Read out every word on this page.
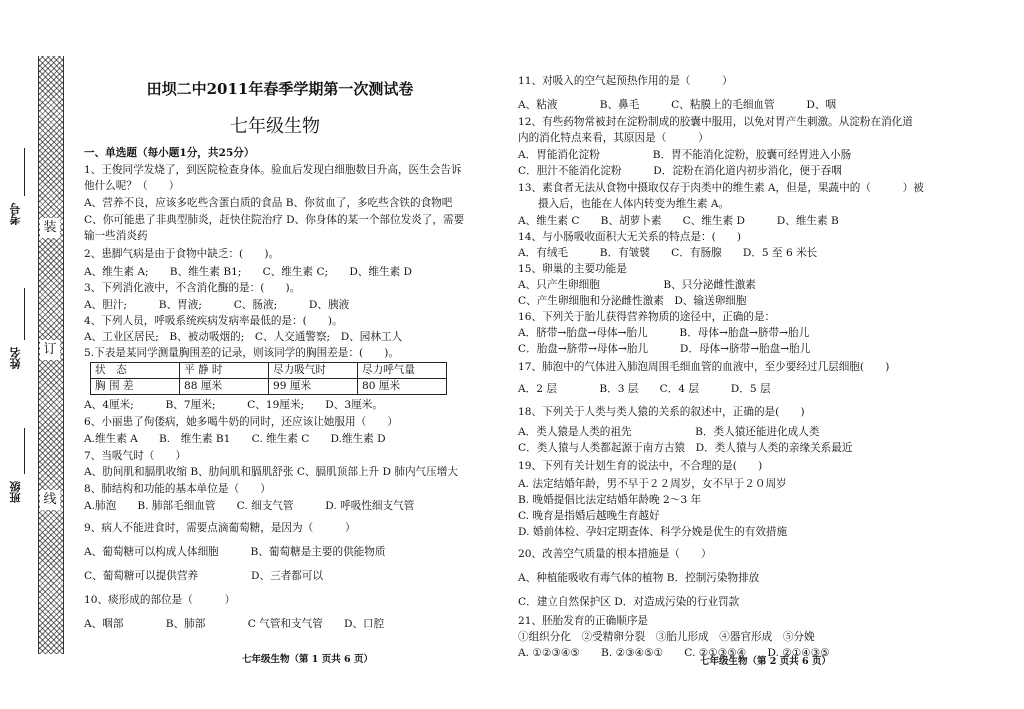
装
订
线
考号
姓名
班级
田坝二中2011年春季学期第一次测试卷
七年级生物
一、单选题（每小题1分，共25分）
1、王俊同学发烧了，到医院检查身体。验血后发现白细胞数目升高，医生会告诉
他什么呢？（　　）
A、营养不良，应该多吃些含蛋白质的食品 B、你贫血了，多吃些含铁的食物吧
C、你可能患了非典型肺炎，赶快住院治疗 D、你身体的某一个部位发炎了，需要
输一些消炎药
2、患脚气病是由于食物中缺乏：(　　)。
A、维生素 A;　　B、维生素 B1;　　C、维生素 C;　　D、维生素 D
3、下列消化液中，不含消化酶的是：(　　)。
A、胆汁;　　　B、胃液;　　　C、肠液;　　　D、胰液
4、下列人员，呼吸系统疾病发病率最低的是：(　　)。
A、工业区居民;　B、被动吸烟的;　C、人交通警察;　D、园林工人
5.下表是某同学测量胸围差的记录，则该同学的胸围差是：(　　)。
状　态	平 静 时	尽力吸气时	尽力呼气量
胸 围 差	88 厘米	99 厘米	80 厘米
A、4厘米;　　　B、7厘米;　　　C、19厘米;　　D、3厘米。
6、小丽患了佝偻病，她多喝牛奶的同时，还应该让她服用（　　）
A.维生素 A　　B.　维生素 B1　　C. 维生素 C　　D.维生素 D
7、当吸气时（　　）
A、肋间肌和膈肌收缩 B、肋间肌和膈肌舒张 C、膈肌顶部上升 D 肺内气压增大
8、肺结构和功能的基本单位是（　　）
A.肺泡　　B. 肺部毛细血管　　C. 细支气管　　　D. 呼吸性细支气管
9、病人不能进食时，需要点滴葡萄糖，是因为（　　　）
A、葡萄糖可以构成人体细胞　　　B、葡萄糖是主要的供能物质
C、葡萄糖可以提供营养　　　　　D、三者都可以
10、痰形成的部位是（　　　）
A、咽部　　　　B、肺部　　　　C 气管和支气管　　D、口腔
11、对吸入的空气起预热作用的是（　　　）
A、粘液　　　　B、鼻毛　　　C、粘膜上的毛细血管　　　D、咽
12、有些药物常被封在淀粉制成的胶囊中服用，以免对胃产生刺激。从淀粉在消化道
内的消化特点来看，其原因是（　　　）
A．胃能消化淀粉　　　　　B．胃不能消化淀粉，胶囊可经胃进入小肠
C．胆汁不能消化淀粉　　　D．淀粉在消化道内初步消化，便于吞咽
13、素食者无法从食物中摄取仅存于肉类中的维生素 A，但是，果蔬中的（　　　）被
摄入后，也能在人体内转变为维生素 A。
A、维生素 C　　B、胡萝卜素　　C、维生素 D　　　D、维生素 B
14、与小肠吸收面积大无关系的特点是：(　　)
A．有绒毛　　　B．有皱襞　　C．有肠腺　　D．5 至 6 米长
15、卵巢的主要功能是
A、只产生卵细胞　　　　　　B、只分泌雌性激素
C、产生卵细胞和分泌雌性激素　D、输送卵细胞
16、下列关于胎儿获得营养物质的途径中，正确的是：
A．脐带→胎盘→母体→胎儿　　　B．母体→胎盘→脐带→胎儿
C．胎盘→脐带→母体→胎儿　　　D．母体→脐带→胎盘→胎儿
17、肺泡中的气体进入肺泡周围毛细血管的血液中，至少要经过几层细胞(　　)
A．2 层　　　　B．3 层　　C．4 层　　　D．5 层
18、下列关于人类与类人猿的关系的叙述中，正确的是(　　)
A．类人猿是人类的祖先　　　　　　B．类人猿还能进化成人类
C．类人猿与人类都起源于南方古猿　D．类人猿与人类的亲缘关系最近
19、下列有关计划生育的说法中，不合理的是(　　)
A. 法定结婚年龄，男不早于２２周岁，女不早于２０周岁
B. 晚婚提倡比法定结婚年龄晚 2～3 年
C. 晚育是指婚后越晚生育越好
D. 婚前体检、孕妇定期查体、科学分娩是优生的有效措施
20、改善空气质量的根本措施是（　　）
A、种植能吸收有毒气体的植物 B．控制污染物排放
C．建立自然保护区 D．对造成污染的行业罚款
21、胚胎发育的正确顺序是
①组织分化　②受精卵分裂　③胎儿形成　④器官形成　⑤分娩
A. ①②③④⑤　　B. ②③④⑤①　　C. ②①③⑤④　　D. ②①④③⑤
七年级生物（第 1 页共 6 页）	七年级生物（第 2 页共 6 页）
